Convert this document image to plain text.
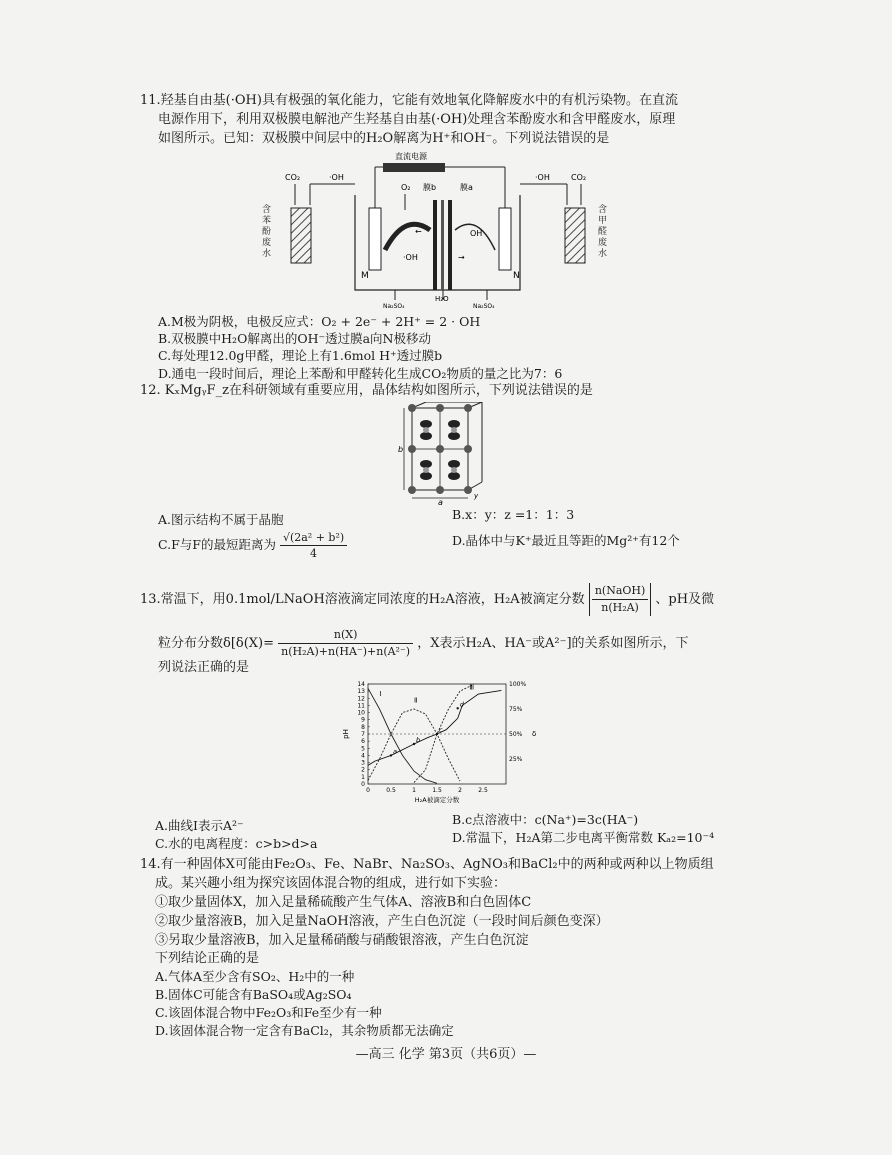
11.羟基自由基(·OH)具有极强的氧化能力，它能有效地氧化降解废水中的有机污染物。在直流
电源作用下，利用双极膜电解池产生羟基自由基(·OH)处理含苯酚废水和含甲醛废水，原理
如图所示。已知：双极膜中间层中的H₂O解离为H⁺和OH⁻。下列说法错误的是
直流电源
M	N
膜b	膜a
O₂
←
→
·OH
OH
Na₂SO₄
H₂O
Na₂SO₄
CO₂	·OH	·OH	CO₂
含苯酚废水
含甲醛废水
A.M极为阴极，电极反应式：O₂ + 2e⁻ + 2H⁺ = 2 · OH
B.双极膜中H₂O解离出的OH⁻透过膜a向N极移动
C.每处理12.0g甲醛，理论上有1.6mol H⁺透过膜b
D.通电一段时间后，理论上苯酚和甲醛转化生成CO₂物质的量之比为7：6
12. KₓMgᵧF_z在科研领域有重要应用，晶体结构如图所示，下列说法错误的是
b
a
y
A.图示结构不属于晶胞	B.x：y：z =1：1：3
C.F与F的最短距离为 $\frac{\text{√(2a² + b²)}}{4}$	D.晶体中与K⁺最近且等距的Mg²⁺有12个
13.常温下，用0.1mol/LNaOH溶液滴定同浓度的H₂A溶液，H₂A被滴定分数 $\frac{\text{n(NaOH)}}{\text{n(H₂A)}}$ 、pH及微
粒分布分数$\delta[\delta(X)= \frac{n(X)}{\text{n(H₂A)+n(HA⁻)+n(A²⁻)}}$ ，X表示H₂A、HA⁻或A²⁻]的关系如图所示，下
列说法正确的是
0
1
2
3
4
5
6
7
8
9
10
11
12
13
14
0	0.5	1	1.5	2	2.5
25%
50%
75%
100%
pH	δ
H₂A被滴定分数
Ⅰ
Ⅱ
Ⅲ
a
b
c
d
A.曲线Ⅰ表示A²⁻	B.c点溶液中：c(Na⁺)=3c(HA⁻)
C.水的电离程度：c>b>d>a	D.常温下，H₂A第二步电离平衡常数 Kₐ₂=10⁻⁴
14.有一种固体X可能由Fe₂O₃、Fe、NaBr、Na₂SO₃、AgNO₃和BaCl₂中的两种或两种以上物质组
成。某兴趣小组为探究该固体混合物的组成，进行如下实验：
①取少量固体X，加入足量稀硫酸产生气体A、溶液B和白色固体C
②取少量溶液B，加入足量NaOH溶液，产生白色沉淀（一段时间后颜色变深）
③另取少量溶液B，加入足量稀硝酸与硝酸银溶液，产生白色沉淀
下列结论正确的是
A.气体A至少含有SO₂、H₂中的一种
B.固体C可能含有BaSO₄或Ag₂SO₄
C.该固体混合物中Fe₂O₃和Fe至少有一种
D.该固体混合物一定含有BaCl₂，其余物质都无法确定
—高三 化学 第3页（共6页）—
